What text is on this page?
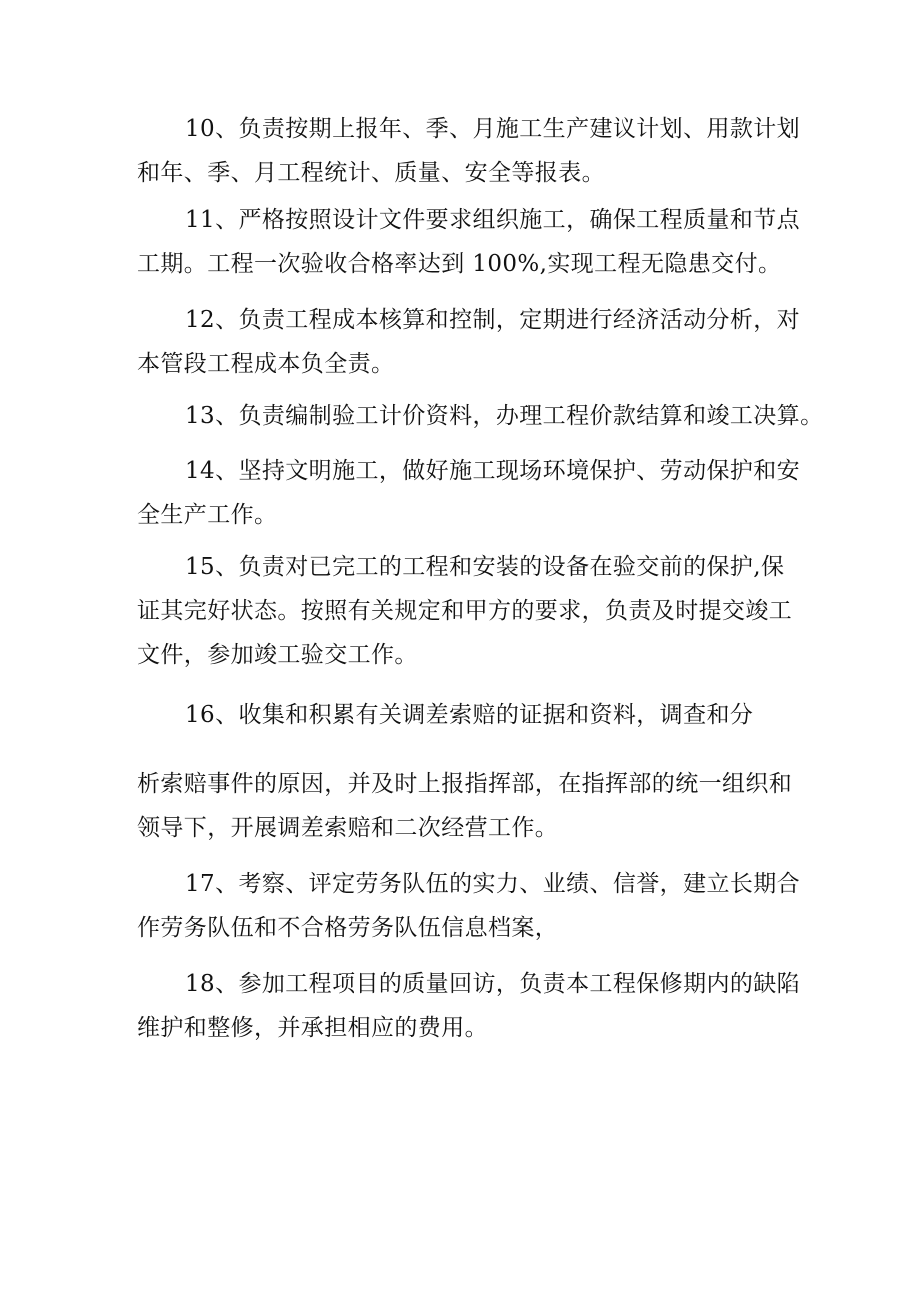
10、负责按期上报年、季、月施工生产建议计划、用款计划
和年、季、月工程统计、质量、安全等报表。
11、严格按照设计文件要求组织施工，确保工程质量和节点
工期。工程一次验收合格率达到 100%,实现工程无隐患交付。
12、负责工程成本核算和控制，定期进行经济活动分析，对
本管段工程成本负全责。
13、负责编制验工计价资料，办理工程价款结算和竣工决算。
14、坚持文明施工，做好施工现场环境保护、劳动保护和安
全生产工作。
15、负责对已完工的工程和安装的设备在验交前的保护,保
证其完好状态。按照有关规定和甲方的要求，负责及时提交竣工
文件，参加竣工验交工作。
16、收集和积累有关调差索赔的证据和资料，调查和分
析索赔事件的原因，并及时上报指挥部，在指挥部的统一组织和
领导下，开展调差索赔和二次经营工作。
17、考察、评定劳务队伍的实力、业绩、信誉，建立长期合
作劳务队伍和不合格劳务队伍信息档案，
18、参加工程项目的质量回访，负责本工程保修期内的缺陷
维护和整修，并承担相应的费用。
